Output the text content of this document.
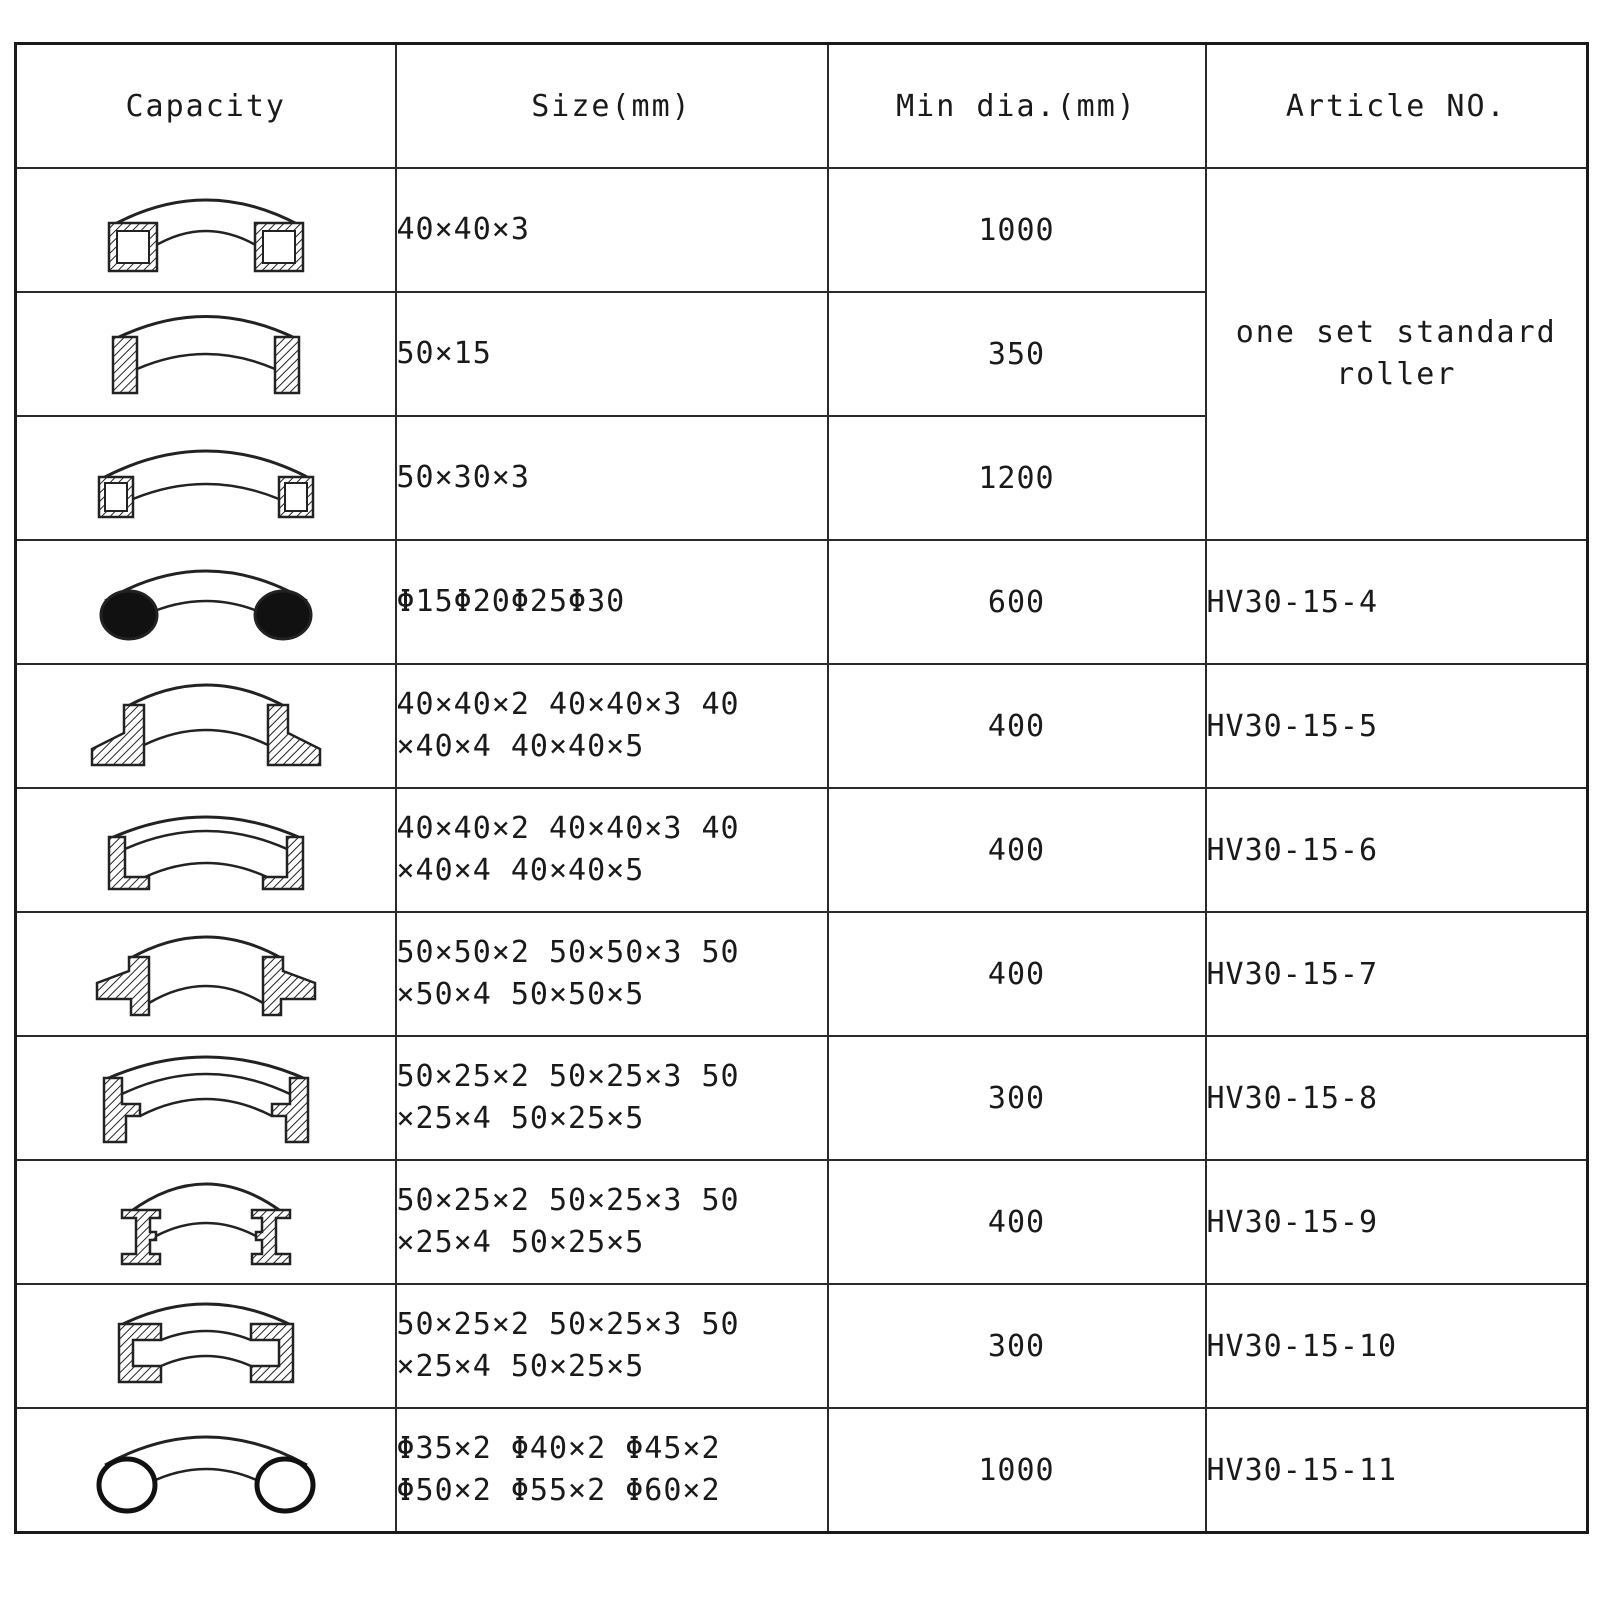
Capacity	Size(mm)	Min dia.(mm)	Article NO.

	40×40×3	1000	one set standard roller

	50×15	350	

	50×30×3	1200	

	Φ15Φ20Φ25Φ30	600	HV30-15-4

	40×40×2 40×40×3 40 ×40×4 40×40×5	400	HV30-15-5

	40×40×2 40×40×3 40 ×40×4 40×40×5	400	HV30-15-6

	50×50×2 50×50×3 50 ×50×4 50×50×5	400	HV30-15-7

	50×25×2 50×25×3 50 ×25×4 50×25×5	300	HV30-15-8

	50×25×2 50×25×3 50 ×25×4 50×25×5	400	HV30-15-9

	50×25×2 50×25×3 50 ×25×4 50×25×5	300	HV30-15-10

	Φ35×2 Φ40×2 Φ45×2 Φ50×2 Φ55×2 Φ60×2	1000	HV30-15-11
